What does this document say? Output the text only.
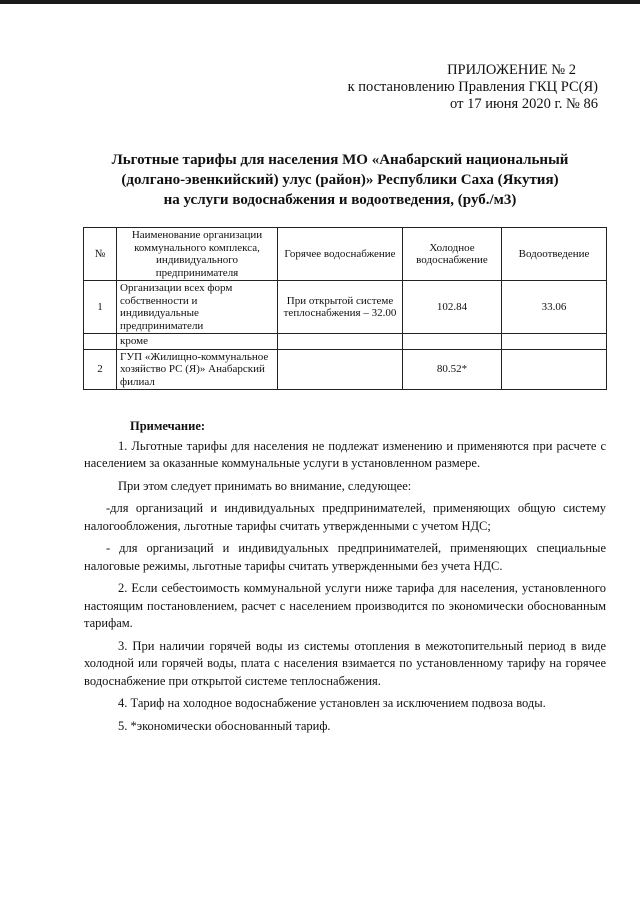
ПРИЛОЖЕНИЕ № 2
к постановлению Правления ГКЦ РС(Я)
от 17 июня 2020 г. № 86
Льготные тарифы для населения МО «Анабарский национальный
(долгано-эвенкийский) улус (район)» Республики Саха (Якутия)
на услуги водоснабжения и водоотведения, (руб./м3)
№	Наименование организации коммунального комплекса, индивидуального предпринимателя	Горячее водоснабжение	Холодное водоснабжение	Водоотведение
1	Организации всех форм собственности и индивидуальные предприниматели	При открытой системе теплоснабжения – 32.00	102.84	33.06
	кроме			
2	ГУП «Жилищно-коммунальное хозяйство РС (Я)» Анабарский филиал		80.52*	
Примечание:

1. Льготные тарифы для населения не подлежат изменению и применяются при расчете с населением за оказанные коммунальные услуги в установленном размере.

При этом следует принимать во внимание, следующее:

-для организаций и индивидуальных предпринимателей, применяющих общую систему налогообложения, льготные тарифы считать утвержденными с учетом НДС;

- для организаций и индивидуальных предпринимателей, применяющих специальные налоговые режимы, льготные тарифы считать утвержденными без учета НДС.

2. Если себестоимость коммунальной услуги ниже тарифа для населения, установленного настоящим постановлением, расчет с населением производится по экономически обоснованным тарифам.

3. При наличии горячей воды из системы отопления в межотопительный период в виде холодной или горячей воды, плата с населения взимается по установленному тарифу на горячее водоснабжение при открытой системе теплоснабжения.

4. Тариф на холодное водоснабжение установлен за исключением подвоза воды.

5. *экономически обоснованный тариф.
